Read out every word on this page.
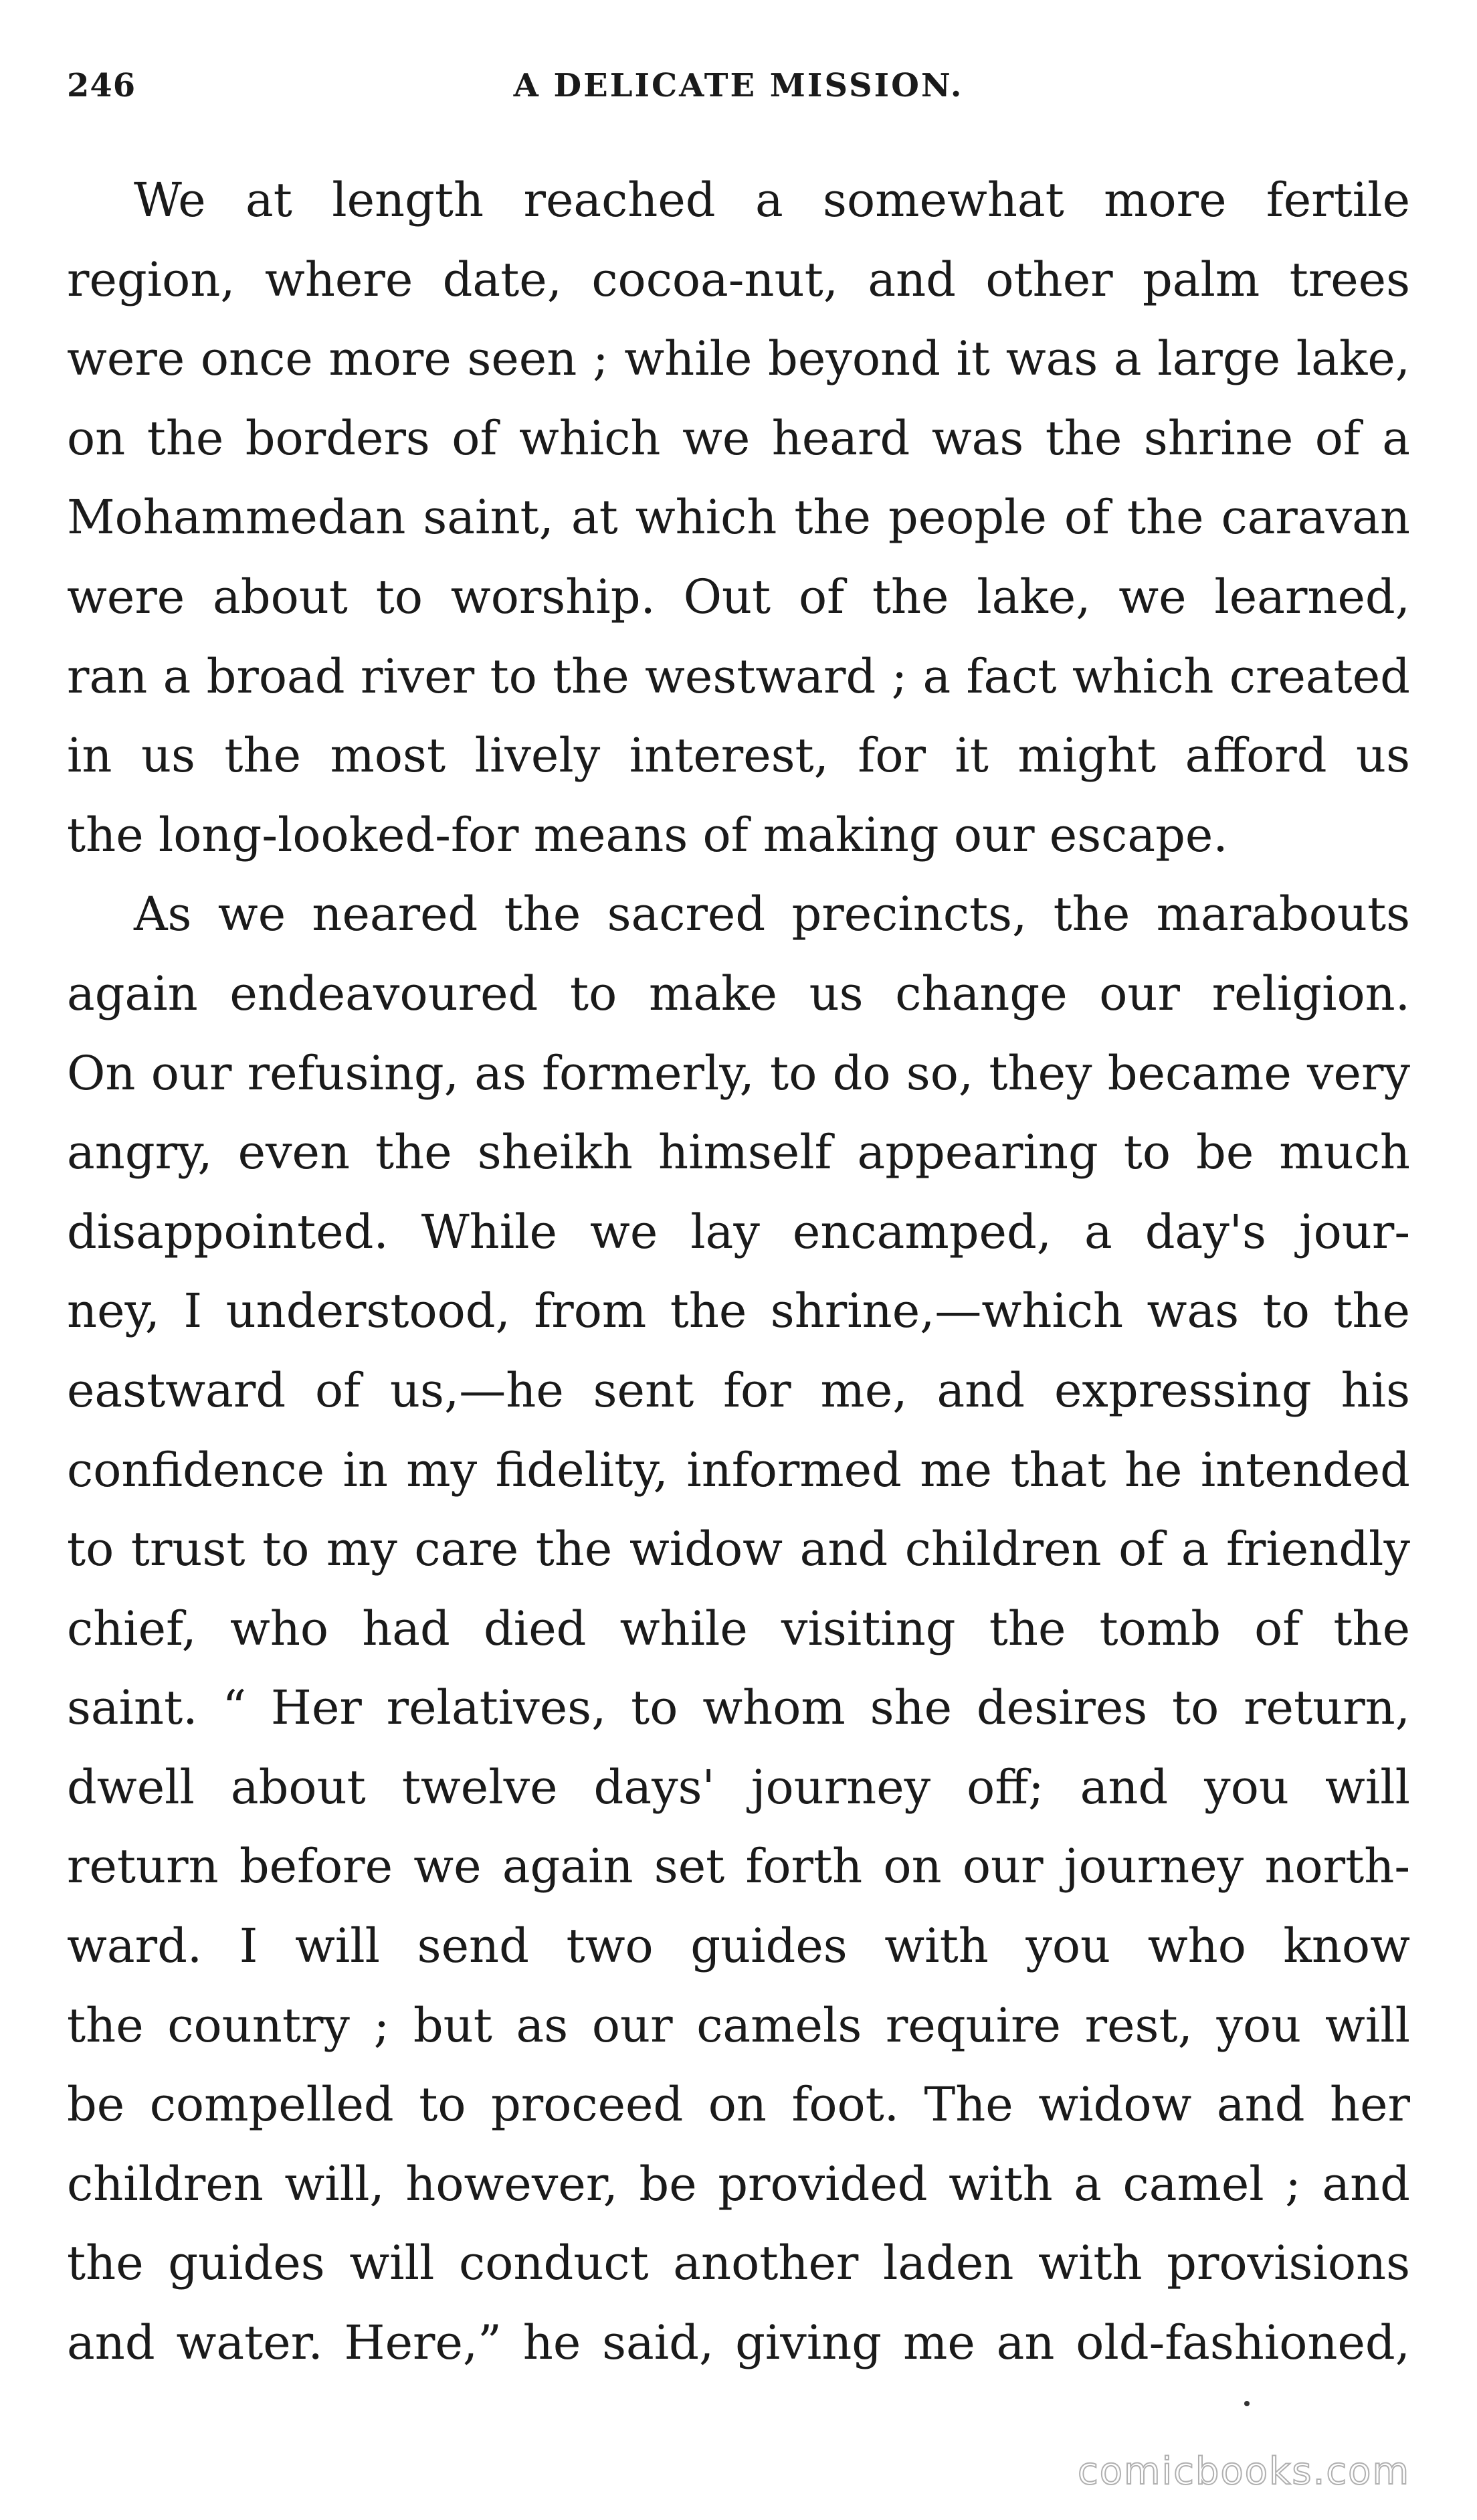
246	A DELICATE MISSION.
We at length reached a somewhat more fertile
region, where date, cocoa-nut, and other palm trees
were once more seen ; while beyond it was a large lake,
on the borders of which we heard was the shrine of a
Mohammedan saint, at which the people of the caravan
were about to worship. Out of the lake, we learned,
ran a broad river to the westward ; a fact which created
in us the most lively interest, for it might afford us
the long-looked-for means of making our escape.
As we neared the sacred precincts, the marabouts
again endeavoured to make us change our religion.
On our refusing, as formerly, to do so, they became very
angry, even the sheikh himself appearing to be much
disappointed. While we lay encamped, a day's jour-
ney, I understood, from the shrine,—which was to the
eastward of us,—he sent for me, and expressing his
confidence in my fidelity, informed me that he intended
to trust to my care the widow and children of a friendly
chief, who had died while visiting the tomb of the
saint. “ Her relatives, to whom she desires to return,
dwell about twelve days' journey off; and you will
return before we again set forth on our journey north-
ward. I will send two guides with you who know
the country ; but as our camels require rest, you will
be compelled to proceed on foot. The widow and her
children will, however, be provided with a camel ; and
the guides will conduct another laden with provisions
and water. Here,” he said, giving me an old-fashioned,
comicbooks.com
